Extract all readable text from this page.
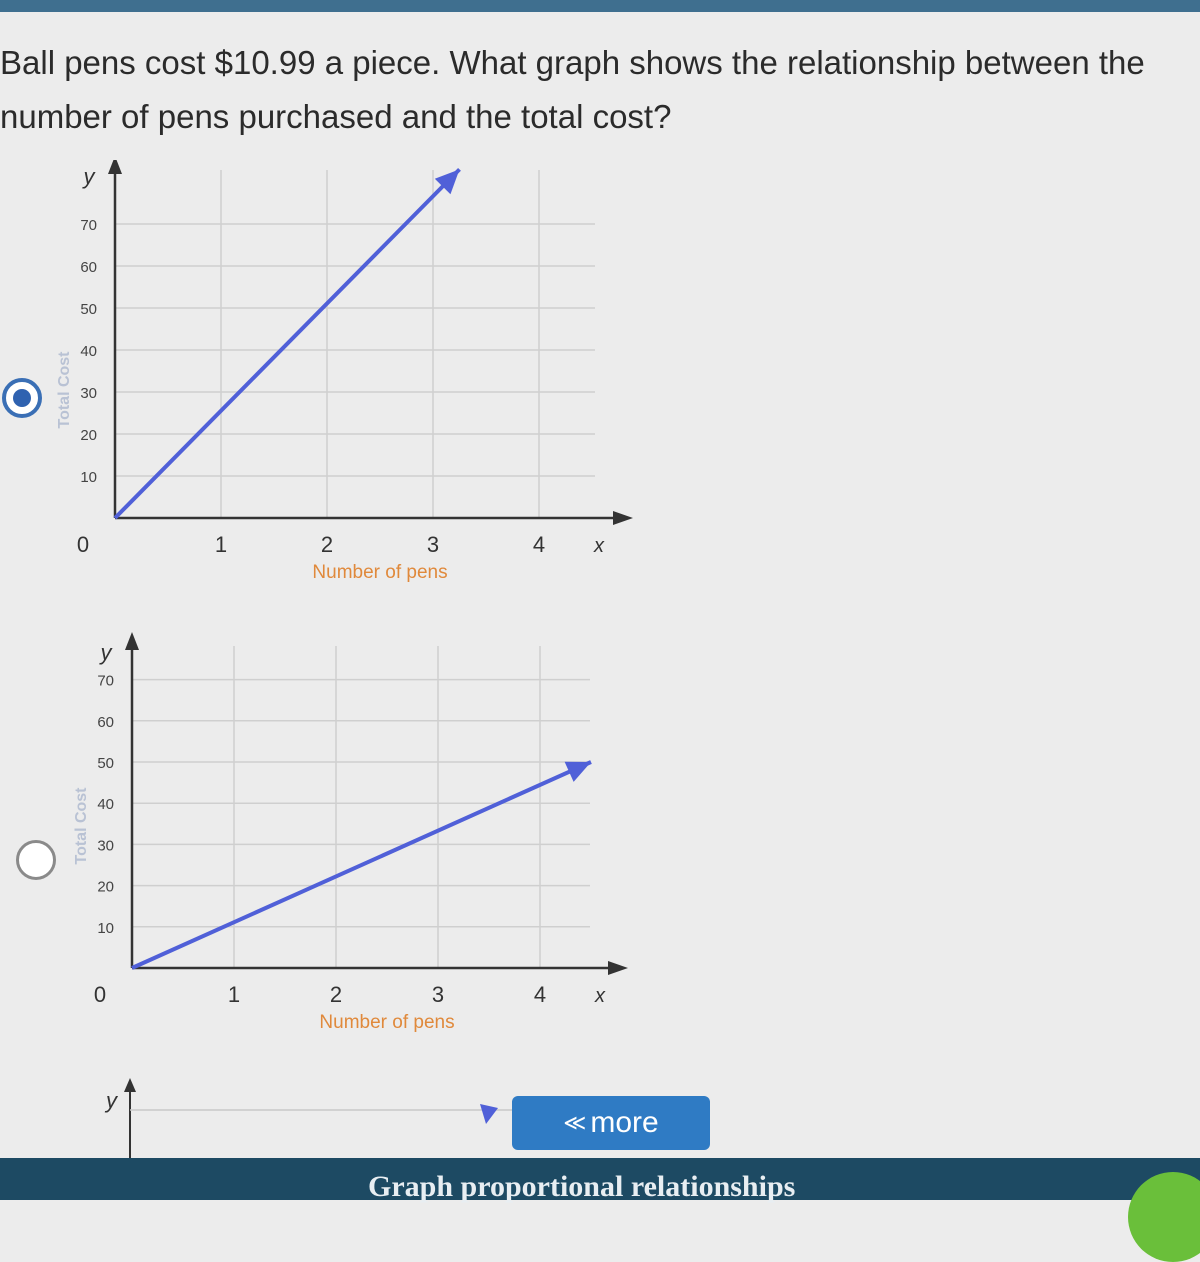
Ball pens cost $10.99 a piece. What graph shows the relationship between the
number of pens purchased and the total cost?
10
20
30
40
50
60
70
0	1	2	3	4 x
y
Number of pens
Total Cost
10
20
30
40
50
60
70
0	1	2	3	4 x
y
Number of pens
Total Cost
y
≪ more
Graph proportional relationships
